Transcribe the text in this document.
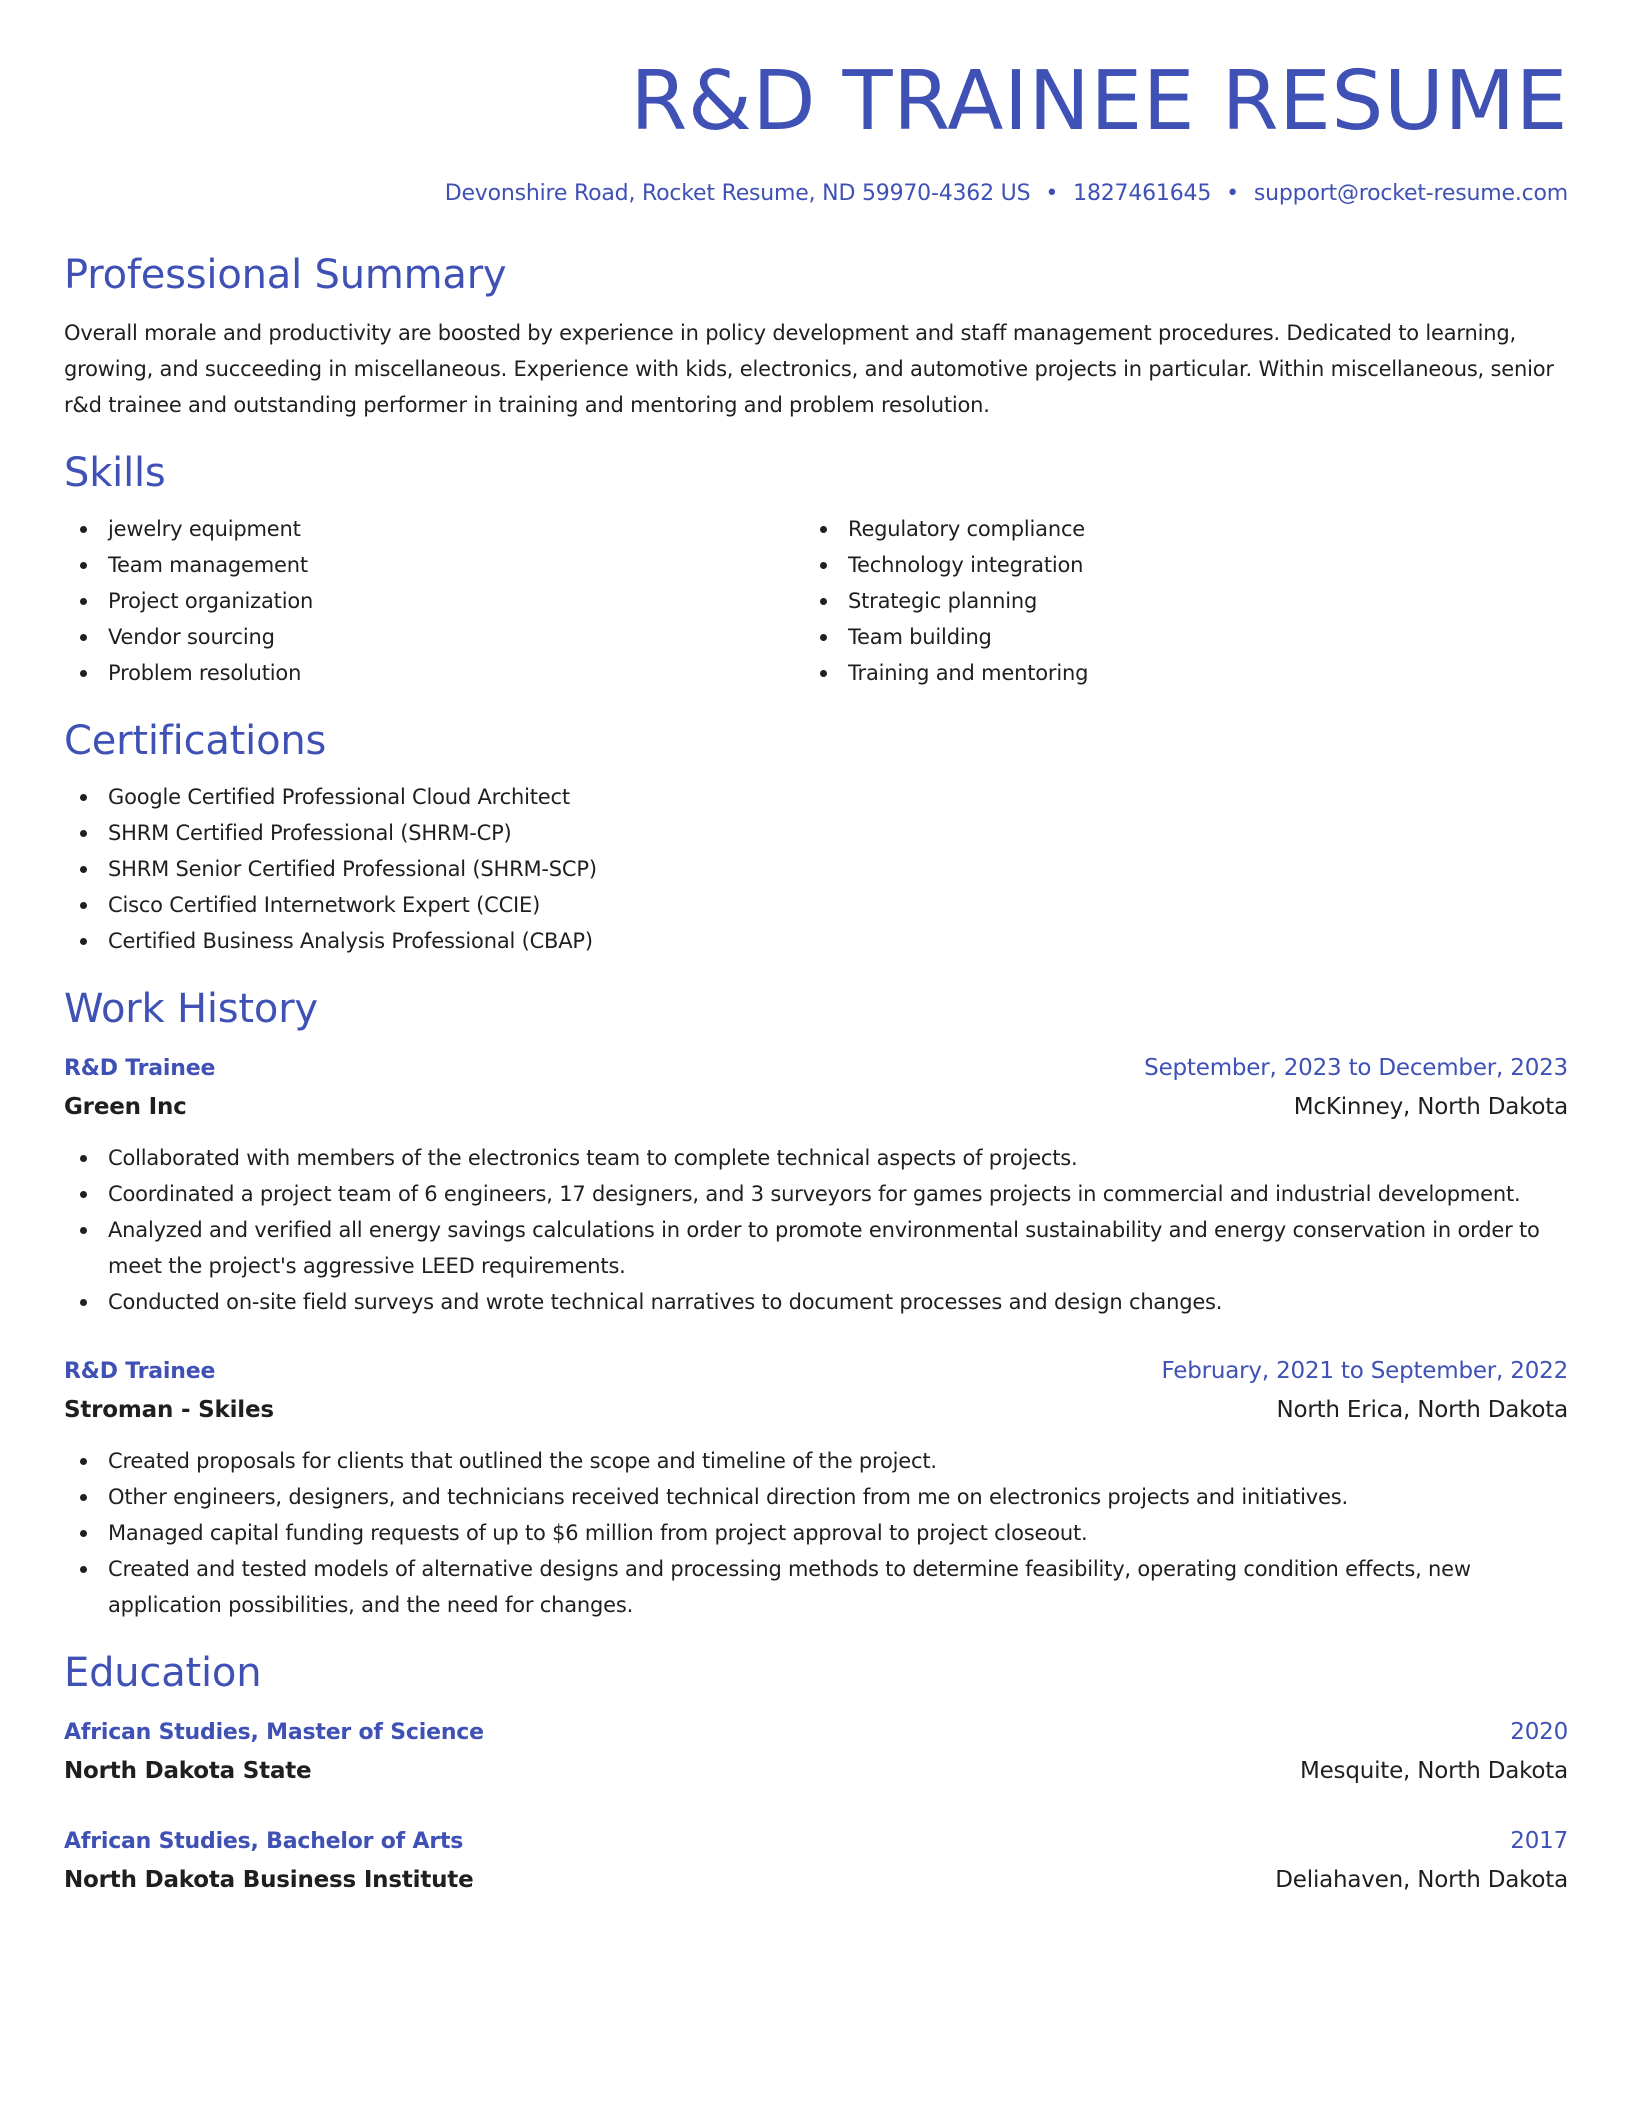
R&D TRAINEE RESUME
Devonshire Road, Rocket Resume, ND 59970-4362 US • 1827461645 • support@rocket-resume.com
Professional Summary

Overall morale and productivity are boosted by experience in policy development and staff management procedures. Dedicated to learning, growing, and succeeding in miscellaneous. Experience with kids, electronics, and automotive projects in particular. Within miscellaneous, senior r&d trainee and outstanding performer in training and mentoring and problem resolution.

Skills
jewelry equipment
Team management
Project organization
Vendor sourcing
Problem resolution
Regulatory compliance
Technology integration
Strategic planning
Team building
Training and mentoring
Certifications
Google Certified Professional Cloud Architect
SHRM Certified Professional (SHRM-CP)
SHRM Senior Certified Professional (SHRM-SCP)
Cisco Certified Internetwork Expert (CCIE)
Certified Business Analysis Professional (CBAP)
Work History
R&D Trainee	September, 2023 to December, 2023
Green Inc	McKinney, North Dakota
Collaborated with members of the electronics team to complete technical aspects of projects.
Coordinated a project team of 6 engineers, 17 designers, and 3 surveyors for games projects in commercial and industrial development.
Analyzed and verified all energy savings calculations in order to promote environmental sustainability and energy conservation in order to meet the project's aggressive LEED requirements.
Conducted on-site field surveys and wrote technical narratives to document processes and design changes.
R&D Trainee	February, 2021 to September, 2022
Stroman - Skiles	North Erica, North Dakota
Created proposals for clients that outlined the scope and timeline of the project.
Other engineers, designers, and technicians received technical direction from me on electronics projects and initiatives.
Managed capital funding requests of up to $6 million from project approval to project closeout.
Created and tested models of alternative designs and processing methods to determine feasibility, operating condition effects, new application possibilities, and the need for changes.
Education
African Studies, Master of Science	2020
North Dakota State	Mesquite, North Dakota
African Studies, Bachelor of Arts	2017
North Dakota Business Institute	Deliahaven, North Dakota
